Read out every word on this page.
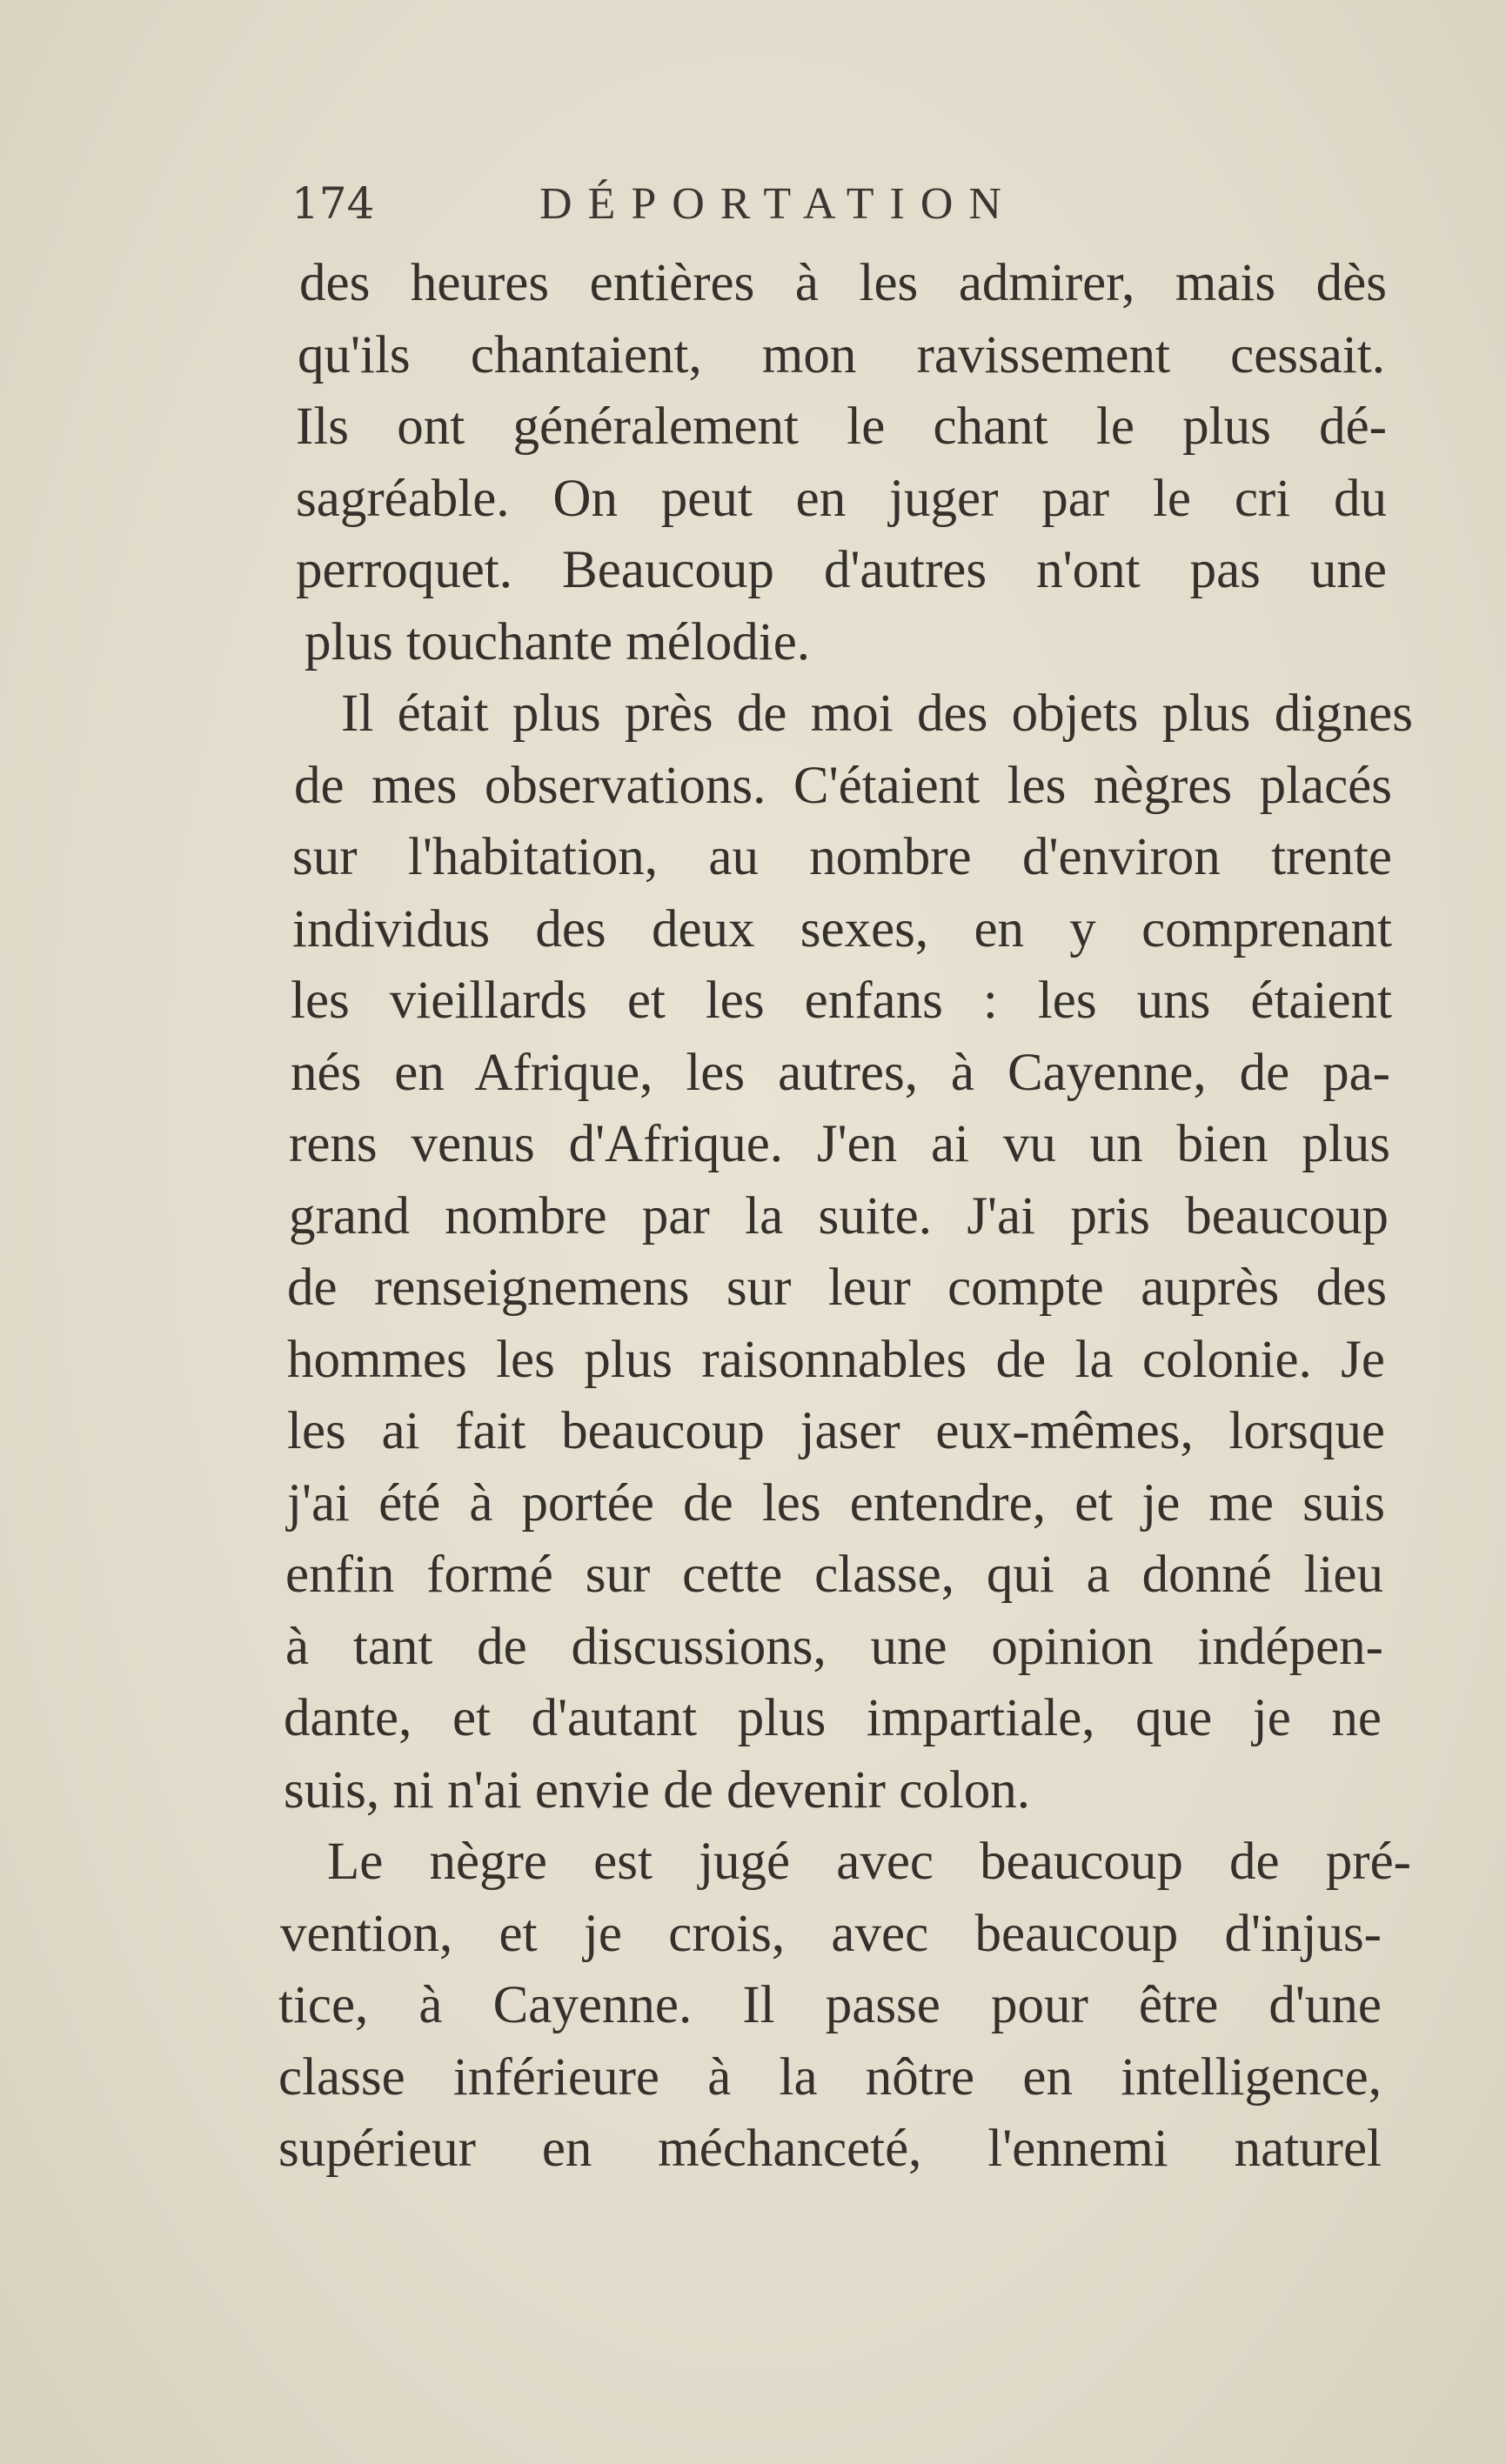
174	DÉPORTATION
des heures entières à les admirer, mais dès
qu'ils chantaient, mon ravissement cessait.
Ils ont généralement le chant le plus dé-
sagréable. On peut en juger par le cri du
perroquet. Beaucoup d'autres n'ont pas une
plus touchante mélodie.
Il était plus près de moi des objets plus dignes
de mes observations. C'étaient les nègres placés
sur l'habitation, au nombre d'environ trente
individus des deux sexes, en y comprenant
les vieillards et les enfans : les uns étaient
nés en Afrique, les autres, à Cayenne, de pa-
rens venus d'Afrique. J'en ai vu un bien plus
grand nombre par la suite. J'ai pris beaucoup
de renseignemens sur leur compte auprès des
hommes les plus raisonnables de la colonie. Je
les ai fait beaucoup jaser eux-mêmes, lorsque
j'ai été à portée de les entendre, et je me suis
enfin formé sur cette classe, qui a donné lieu
à tant de discussions, une opinion indépen-
dante, et d'autant plus impartiale, que je ne
suis, ni n'ai envie de devenir colon.
Le nègre est jugé avec beaucoup de pré-
vention, et je crois, avec beaucoup d'injus-
tice, à Cayenne. Il passe pour être d'une
classe inférieure à la nôtre en intelligence,
supérieur en méchanceté, l'ennemi naturel
